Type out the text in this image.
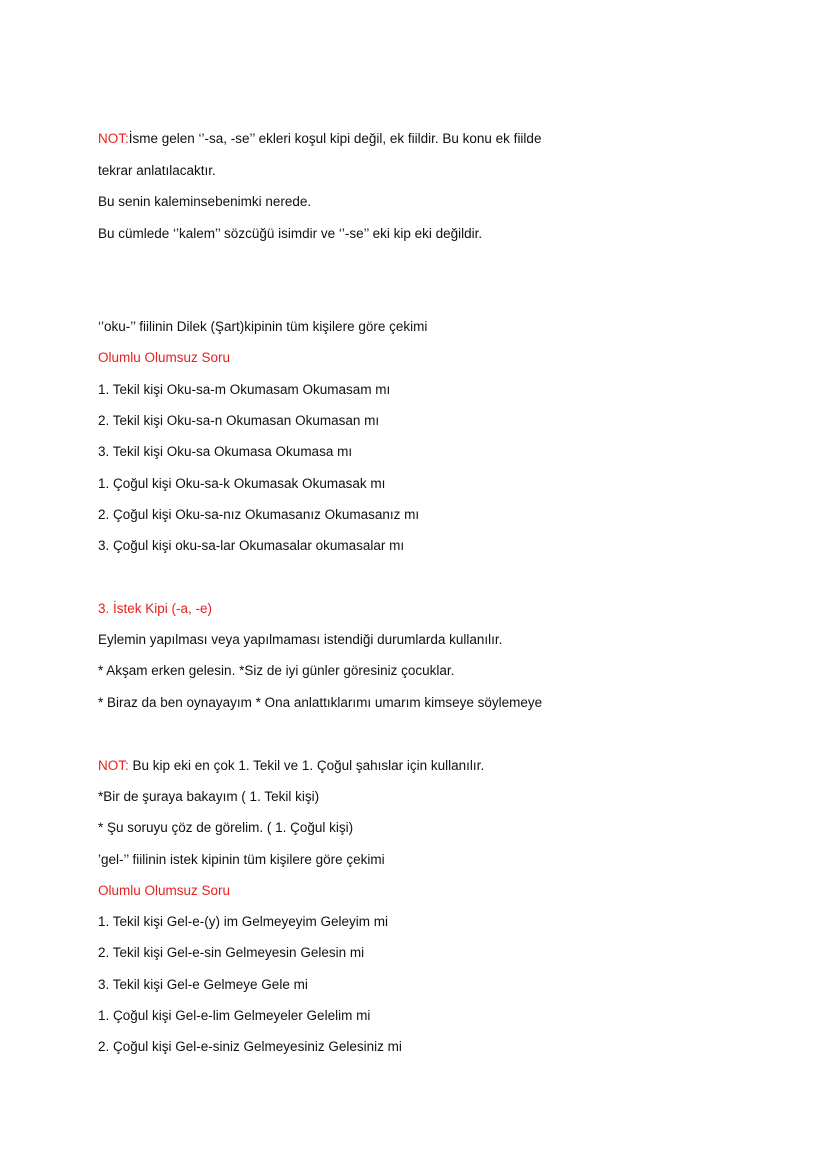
NOT:İsme gelen ‘’-sa, -se’’ ekleri koşul kipi değil, ek fiildir. Bu konu ek fiilde
tekrar anlatılacaktır.
Bu senin kaleminsebenimki nerede.
Bu cümlede ‘’kalem’’ sözcüğü isimdir ve ‘’-se’’ eki kip eki değildir.
‘’oku-’’ fiilinin Dilek (Şart)kipinin tüm kişilere göre çekimi
Olumlu Olumsuz Soru
1. Tekil kişi Oku-sa-m Okumasam Okumasam mı
2. Tekil kişi Oku-sa-n Okumasan Okumasan mı
3. Tekil kişi Oku-sa Okumasa Okumasa mı
1. Çoğul kişi Oku-sa-k Okumasak Okumasak mı
2. Çoğul kişi Oku-sa-nız Okumasanız Okumasanız mı
3. Çoğul kişi oku-sa-lar Okumasalar okumasalar mı
3. İstek Kipi (-a, -e)
Eylemin yapılması veya yapılmaması istendiği durumlarda kullanılır.
* Akşam erken gelesin. *Siz de iyi günler göresiniz çocuklar.
* Biraz da ben oynayayım * Ona anlattıklarımı umarım kimseye söylemeye
NOT: Bu kip eki en çok 1. Tekil ve 1. Çoğul şahıslar için kullanılır.
*Bir de şuraya bakayım ( 1. Tekil kişi)
* Şu soruyu çöz de görelim. ( 1. Çoğul kişi)
’gel-’’ fiilinin istek kipinin tüm kişilere göre çekimi
Olumlu Olumsuz Soru
1. Tekil kişi Gel-e-(y) im Gelmeyeyim Geleyim mi
2. Tekil kişi Gel-e-sin Gelmeyesin Gelesin mi
3. Tekil kişi Gel-e Gelmeye Gele mi
1. Çoğul kişi Gel-e-lim Gelmeyeler Gelelim mi
2. Çoğul kişi Gel-e-siniz Gelmeyesiniz Gelesiniz mi
